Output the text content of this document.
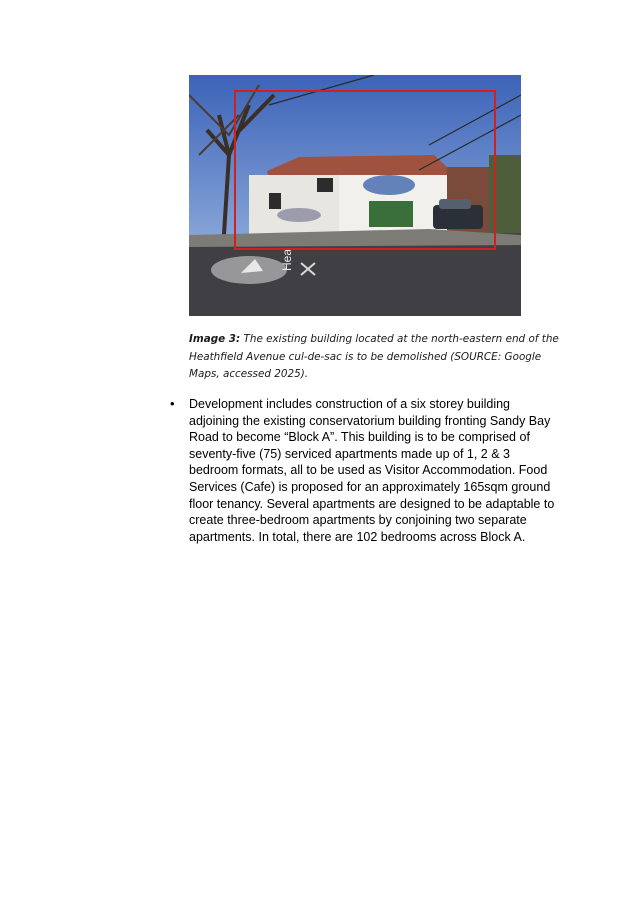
Hea
Image 3: The existing building located at the north-eastern end of the Heathfield Avenue cul-de-sac is to be demolished (SOURCE: Google Maps, accessed 2025).
• Development includes construction of a six storey building adjoining the existing conservatorium building fronting Sandy Bay Road to become “Block A”. This building is to be comprised of seventy-five (75) serviced apartments made up of 1, 2 & 3 bedroom formats, all to be used as Visitor Accommodation. Food Services (Cafe) is proposed for an approximately 165sqm ground floor tenancy. Several apartments are designed to be adaptable to create three-bedroom apartments by conjoining two separate apartments. In total, there are 102 bedrooms across Block A.
